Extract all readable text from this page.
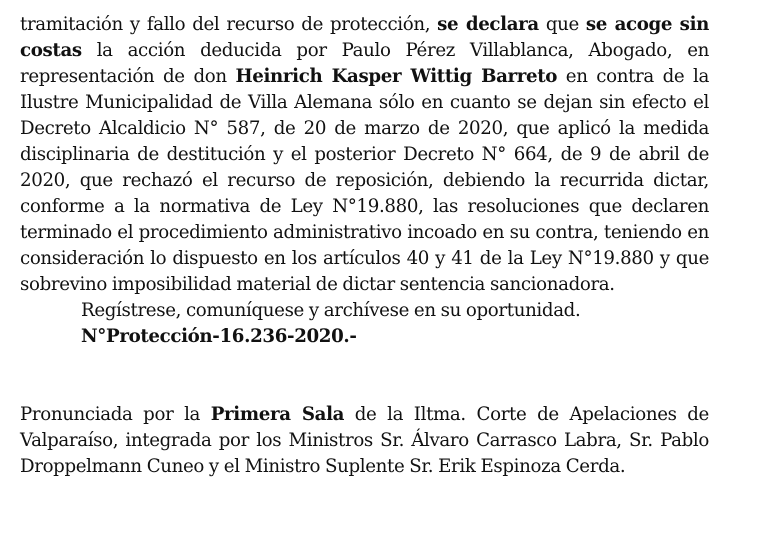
tramitación y fallo del recurso de protección, se declara que se acoge sin costas la acción deducida por Paulo Pérez Villablanca, Abogado, en representación de don Heinrich Kasper Wittig Barreto en contra de la Ilustre Municipalidad de Villa Alemana sólo en cuanto se dejan sin efecto el Decreto Alcaldicio N° 587, de 20 de marzo de 2020, que aplicó la medida disciplinaria de destitución y el posterior Decreto N° 664, de 9 de abril de 2020, que rechazó el recurso de reposición, debiendo la recurrida dictar, conforme a la normativa de Ley N°19.880, las resoluciones que declaren terminado el procedimiento administrativo incoado en su contra, teniendo en consideración lo dispuesto en los artículos 40 y 41 de la Ley N°19.880 y que sobrevino imposibilidad material de dictar sentencia sancionadora.

Regístrese, comuníquese y archívese en su oportunidad.

N°Protección-16.236-2020.-

Pronunciada por la Primera Sala de la Iltma. Corte de Apelaciones de Valparaíso, integrada por los Ministros Sr. Álvaro Carrasco Labra, Sr. Pablo Droppelmann Cuneo y el Ministro Suplente Sr. Erik Espinoza Cerda.
